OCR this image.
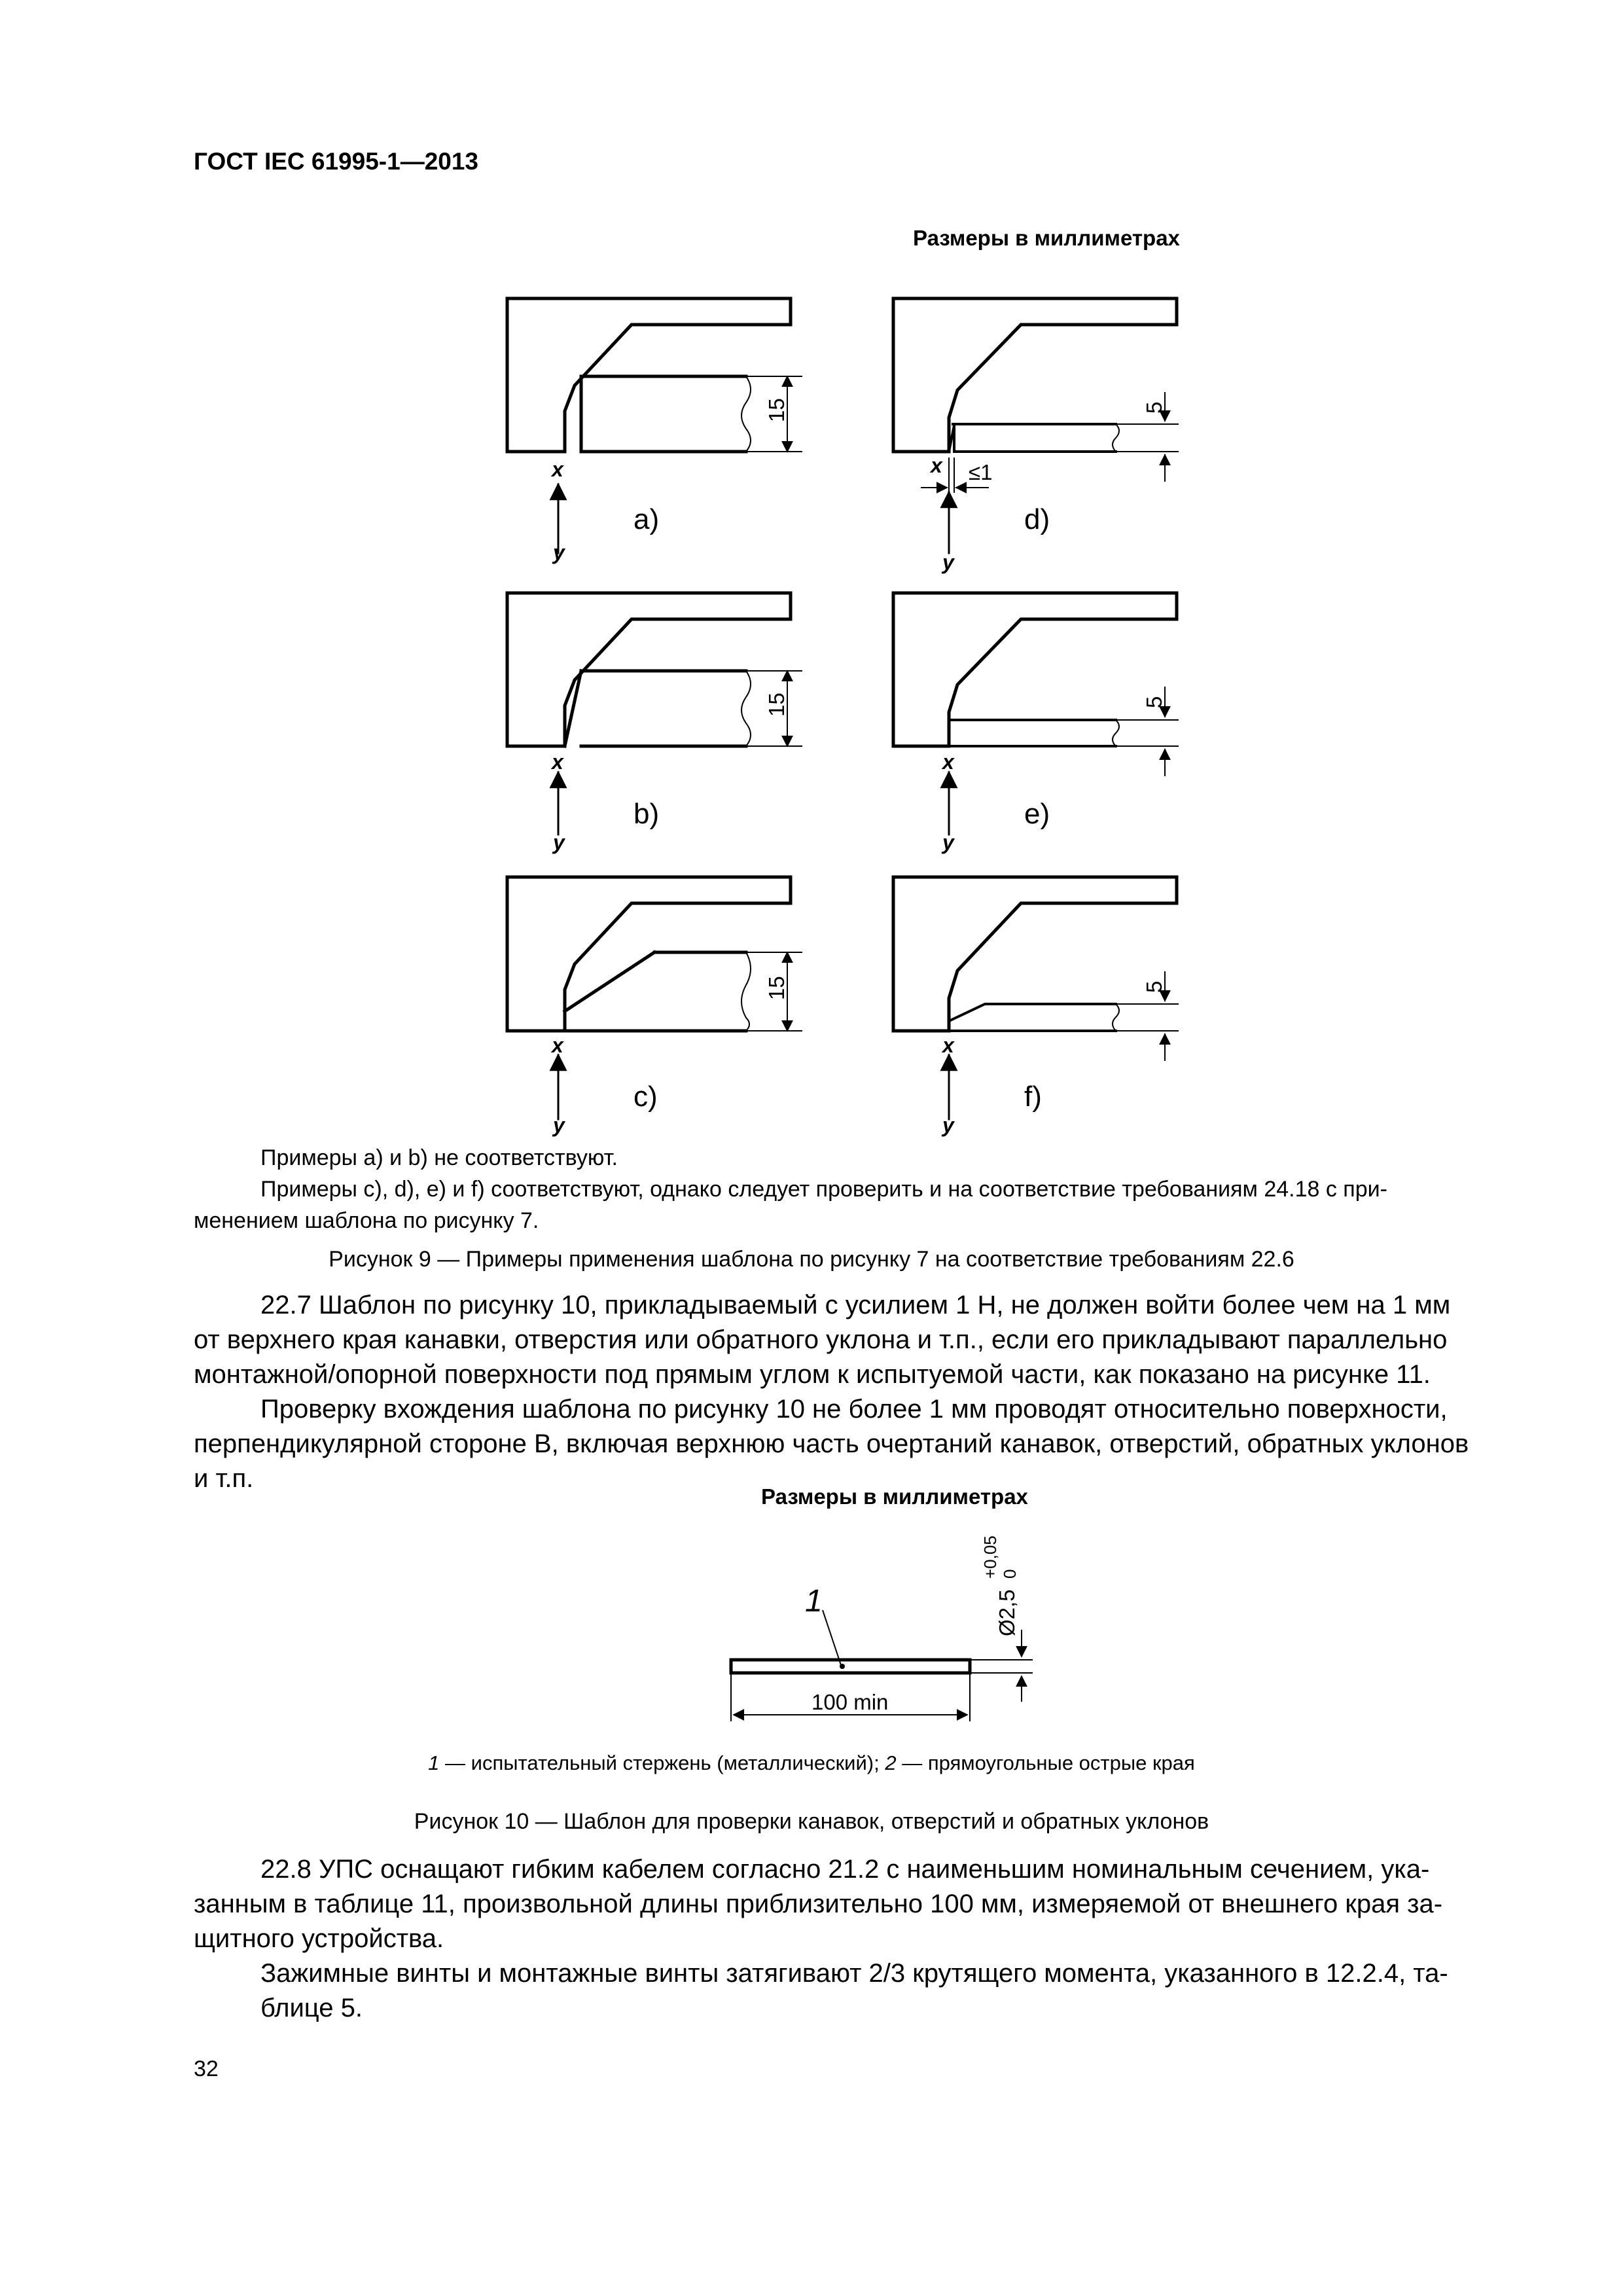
ГОСТ IEC 61995-1—2013
Размеры в миллиметрах
a)
b)
c)
d)
e)
f)
x
y
x
y
x
y
x
y
x
y
x
y
15
15
15
5
5
5
≤1
Примеры a) и b) не соответствуют.
Примеры c), d), e) и f) соответствуют, однако следует проверить и на соответствие требованиям 24.18 с при-
менением шаблона по рисунку 7.
Рисунок 9 — Примеры применения шаблона по рисунку 7 на соответствие требованиям 22.6
22.7 Шаблон по рисунку 10, прикладываемый с усилием 1 Н, не должен войти более чем на 1 мм
от верхнего края канавки, отверстия или обратного уклона и т.п., если его прикладывают параллельно
монтажной/опорной поверхности под прямым углом к испытуемой части, как показано на рисунке 11.
Проверку вхождения шаблона по рисунку 10 не более 1 мм проводят относительно поверхности,
перпендикулярной стороне В, включая верхнюю часть очертаний канавок, отверстий, обратных уклонов
и т.п.
Размеры в миллиметрах
1
100 min
Ø2,5
+0,05 0
1 — испытательный стержень (металлический); 2 — прямоугольные острые края
Рисунок 10 — Шаблон для проверки канавок, отверстий и обратных уклонов
22.8 УПС оснащают гибким кабелем согласно 21.2 с наименьшим номинальным сечением, ука-
занным в таблице 11, произвольной длины приблизительно 100 мм, измеряемой от внешнего края за-
щитного устройства.
Зажимные винты и монтажные винты затягивают 2/3 крутящего момента, указанного в 12.2.4, та-
блице 5.
32
